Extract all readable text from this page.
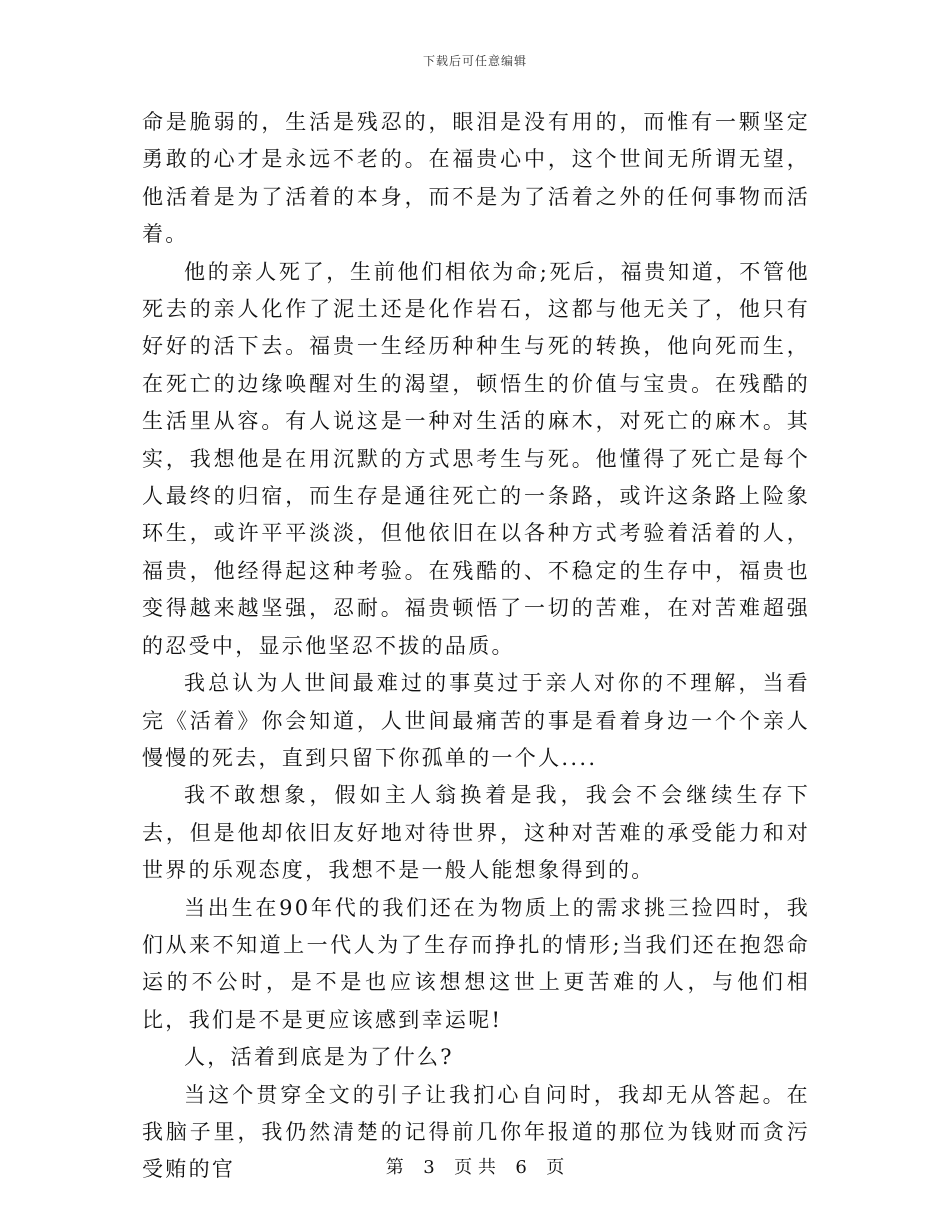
下载后可任意编辑

命是脆弱的，生活是残忍的，眼泪是没有用的，而惟有一颗坚定勇敢的心才是永远不老的。在福贵心中，这个世间无所谓无望，他活着是为了活着的本身，而不是为了活着之外的任何事物而活着。

他的亲人死了，生前他们相依为命;死后，福贵知道，不管他死去的亲人化作了泥土还是化作岩石，这都与他无关了，他只有好好的活下去。福贵一生经历种种生与死的转换，他向死而生，在死亡的边缘唤醒对生的渴望，顿悟生的价值与宝贵。在残酷的生活里从容。有人说这是一种对生活的麻木，对死亡的麻木。其实，我想他是在用沉默的方式思考生与死。他懂得了死亡是每个人最终的归宿，而生存是通往死亡的一条路，或许这条路上险象环生，或许平平淡淡，但他依旧在以各种方式考验着活着的人，福贵，他经得起这种考验。在残酷的、不稳定的生存中，福贵也变得越来越坚强，忍耐。福贵顿悟了一切的苦难，在对苦难超强的忍受中，显示他坚忍不拔的品质。

我总认为人世间最难过的事莫过于亲人对你的不理解，当看完《活着》你会知道，人世间最痛苦的事是看着身边一个个亲人慢慢的死去，直到只留下你孤单的一个人....

我不敢想象，假如主人翁换着是我，我会不会继续生存下去，但是他却依旧友好地对待世界，这种对苦难的承受能力和对世界的乐观态度，我想不是一般人能想象得到的。

当出生在90年代的我们还在为物质上的需求挑三捡四时，我们从来不知道上一代人为了生存而挣扎的情形;当我们还在抱怨命运的不公时，是不是也应该想想这世上更苦难的人，与他们相比，我们是不是更应该感到幸运呢!

人，活着到底是为了什么?

当这个贯穿全文的引子让我扪心自问时，我却无从答起。在我脑子里，我仍然清楚的记得前几你年报道的那位为钱财而贪污受贿的官	第 3 页 共 6 页
